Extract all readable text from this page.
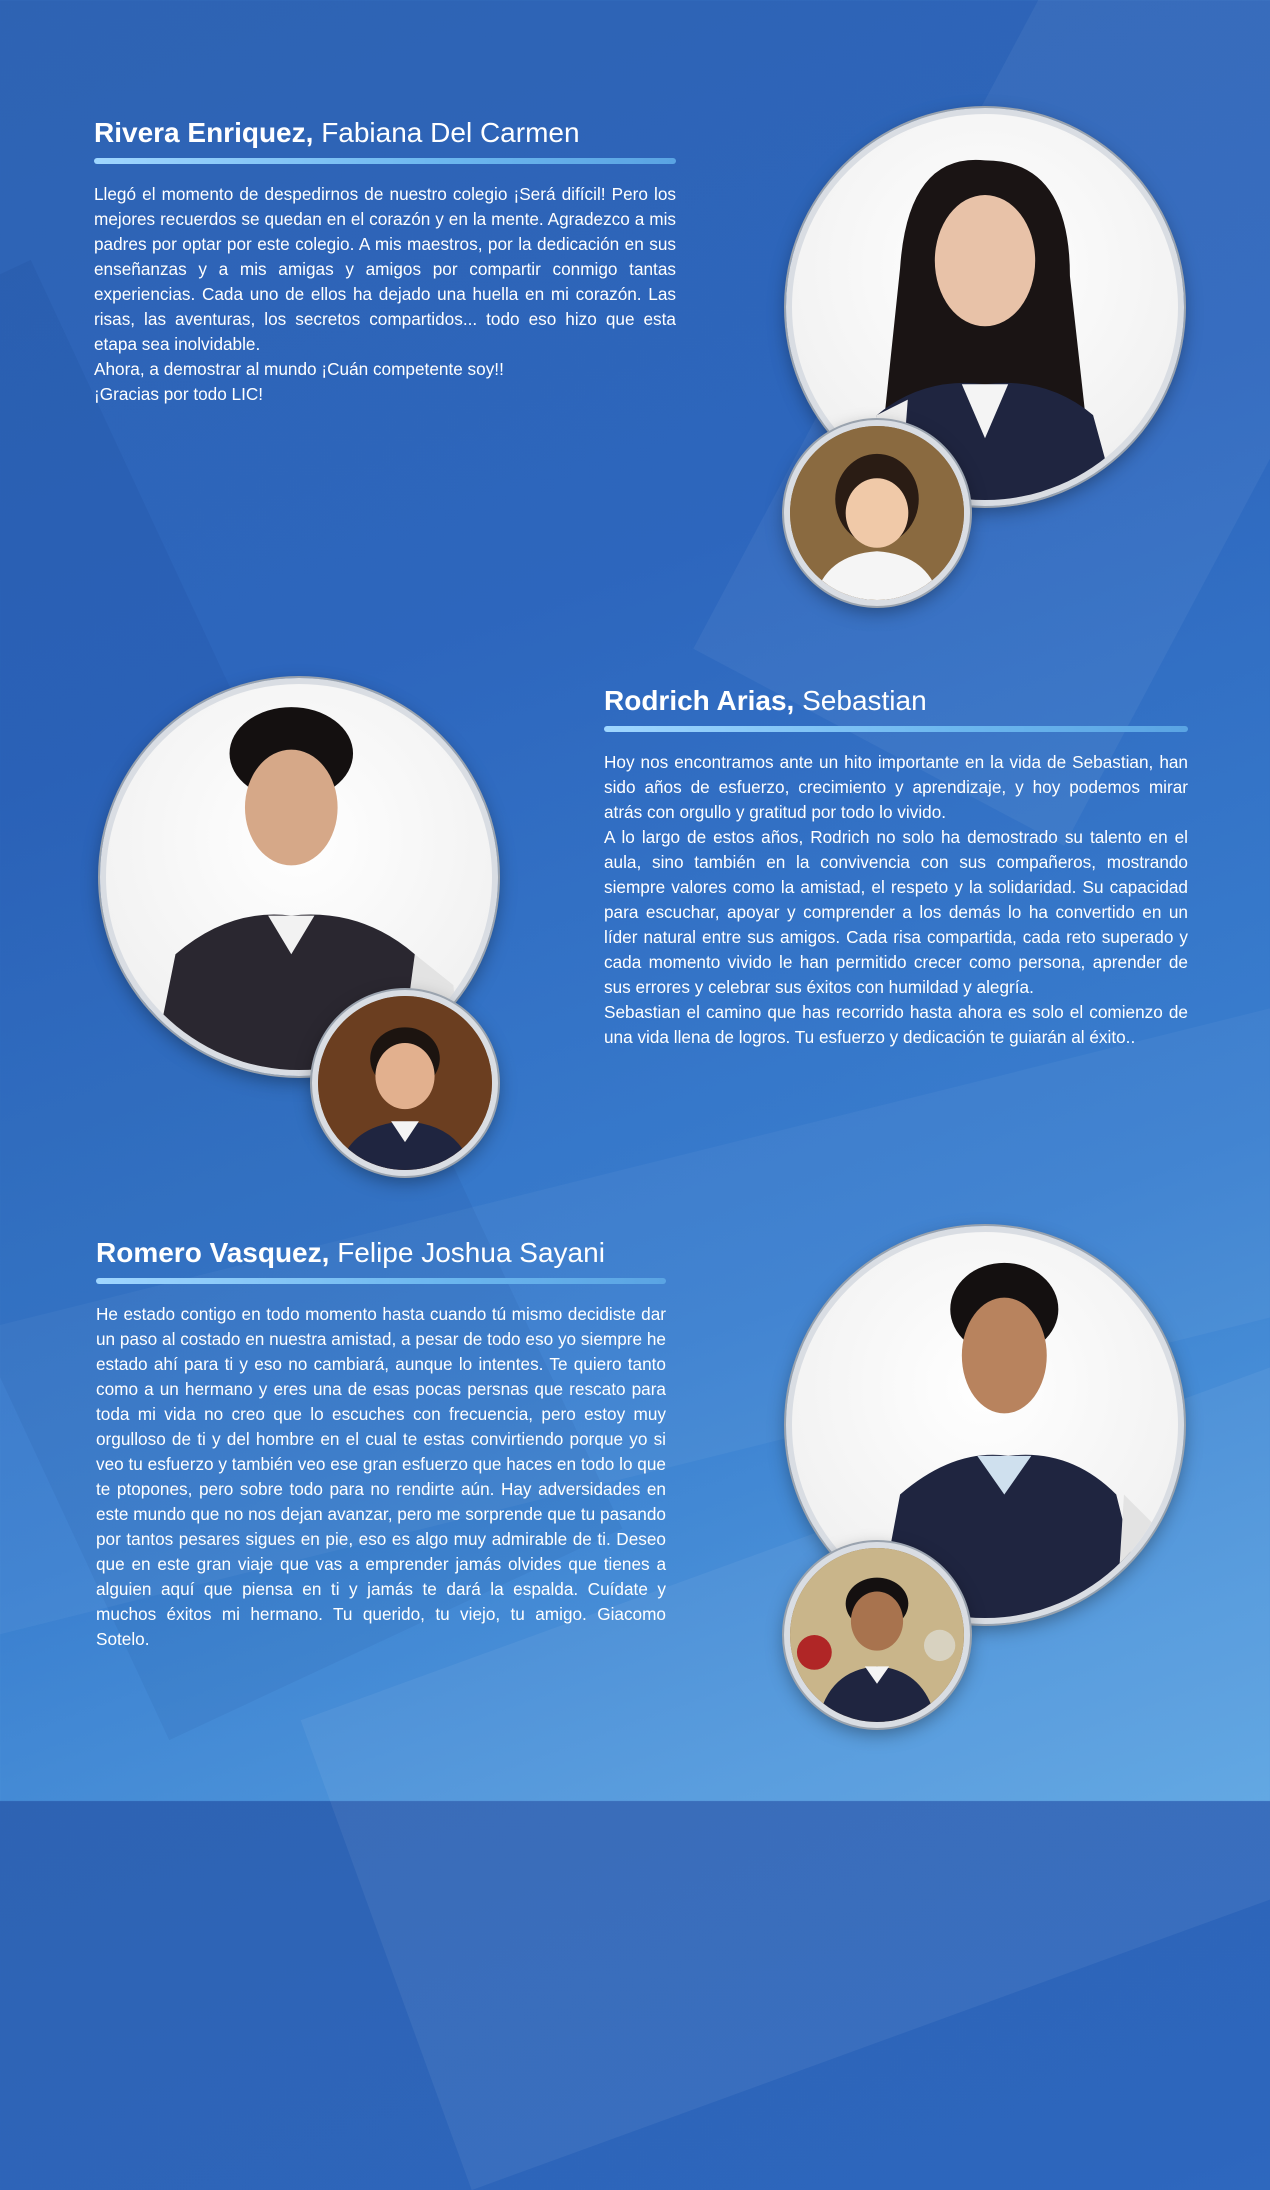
Rivera Enriquez, Fabiana Del Carmen

Llegó el momento de despedirnos de nuestro colegio ¡Será difícil! Pero los mejores recuerdos se quedan en el corazón y en la mente. Agradezco a mis padres por optar por este colegio. A mis maestros, por la dedicación en sus enseñanzas y a mis amigas y amigos por compartir conmigo tantas experiencias. Cada uno de ellos ha dejado una huella en mi corazón. Las risas, las aventuras, los secretos compartidos... todo eso hizo que esta etapa sea inolvidable.

Ahora, a demostrar al mundo ¡Cuán competente soy!!

¡Gracias por todo LIC!

Rodrich Arias, Sebastian

Hoy nos encontramos ante un hito importante en la vida de Sebastian, han sido años de esfuerzo, crecimiento y aprendizaje, y hoy podemos mirar atrás con orgullo y gratitud por todo lo vivido.

A lo largo de estos años, Rodrich no solo ha demostrado su talento en el aula, sino también en la convivencia con sus compañeros, mostrando siempre valores como la amistad, el respeto y la solidaridad. Su capacidad para escuchar, apoyar y comprender a los demás lo ha convertido en un líder natural entre sus amigos. Cada risa compartida, cada reto superado y cada momento vivido le han permitido crecer como persona, aprender de sus errores y celebrar sus éxitos con humildad y alegría.

Sebastian el camino que has recorrido hasta ahora es solo el comienzo de una vida llena de logros. Tu esfuerzo y dedicación te guiarán al éxito..

Romero Vasquez, Felipe Joshua Sayani

He estado contigo en todo momento hasta cuando tú mismo decidiste dar un paso al costado en nuestra amistad, a pesar de todo eso yo siempre he estado ahí para ti y eso no cambiará, aunque lo intentes. Te quiero tanto como a un hermano y eres una de esas pocas persnas que rescato para toda mi vida no creo que lo escuches con frecuencia, pero estoy muy orgulloso de ti y del hombre en el cual te estas convirtiendo porque yo si veo tu esfuerzo y también veo ese gran esfuerzo que haces en todo lo que te ptopones, pero sobre todo para no rendirte aún. Hay adversidades en este mundo que no nos dejan avanzar, pero me sorprende que tu pasando por tantos pesares sigues en pie, eso es algo muy admirable de ti. Deseo que en este gran viaje que vas a emprender jamás olvides que tienes a alguien aquí que piensa en ti y jamás te dará la espalda. Cuídate y muchos éxitos mi hermano. Tu querido, tu viejo, tu amigo. Giacomo Sotelo.
